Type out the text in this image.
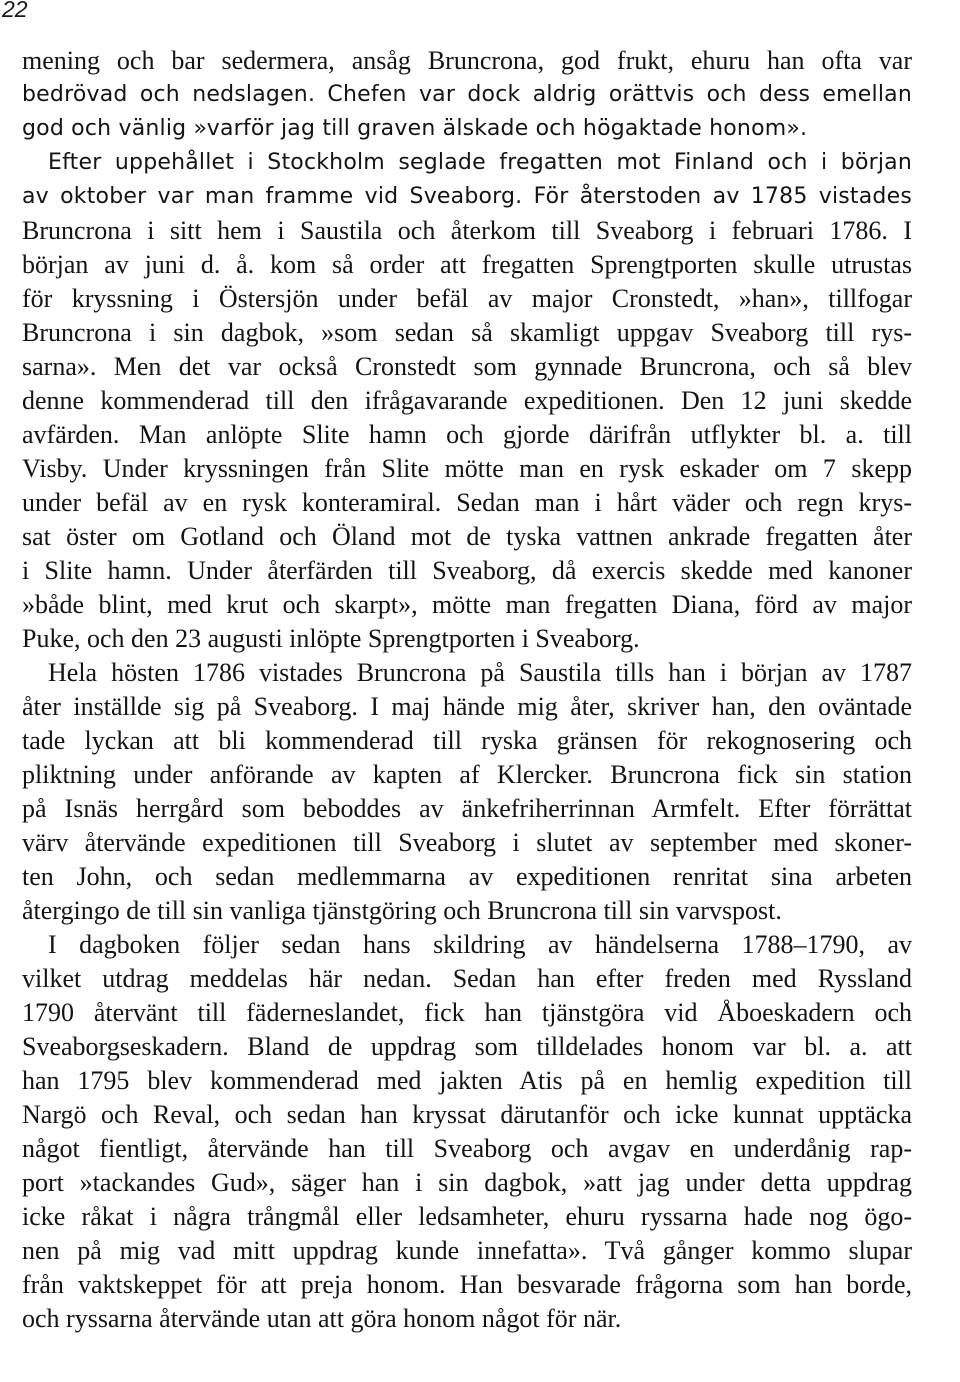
22
mening och bar sedermera, ansåg Bruncrona, god frukt, ehuru han ofta var
bedrövad och nedslagen. Chefen var dock aldrig orättvis och dess emellan
god och vänlig »varför jag till graven älskade och högaktade honom».
Efter uppehållet i Stockholm seglade fregatten mot Finland och i början
av oktober var man framme vid Sveaborg. För återstoden av 1785 vistades
Bruncrona i sitt hem i Saustila och återkom till Sveaborg i februari 1786. I
början av juni d. å. kom så order att fregatten Sprengtporten skulle utrustas
för kryssning i Östersjön under befäl av major Cronstedt, »han», tillfogar
Bruncrona i sin dagbok, »som sedan så skamligt uppgav Sveaborg till rys-
sarna». Men det var också Cronstedt som gynnade Bruncrona, och så blev
denne kommenderad till den ifrågavarande expeditionen. Den 12 juni skedde
avfärden. Man anlöpte Slite hamn och gjorde därifrån utflykter bl. a. till
Visby. Under kryssningen från Slite mötte man en rysk eskader om 7 skepp
under befäl av en rysk konteramiral. Sedan man i hårt väder och regn krys-
sat öster om Gotland och Öland mot de tyska vattnen ankrade fregatten åter
i Slite hamn. Under återfärden till Sveaborg, då exercis skedde med kanoner
»både blint, med krut och skarpt», mötte man fregatten Diana, förd av major
Puke, och den 23 augusti inlöpte Sprengtporten i Sveaborg.
Hela hösten 1786 vistades Bruncrona på Saustila tills han i början av 1787
åter inställde sig på Sveaborg. I maj hände mig åter, skriver han, den oväntade
tade lyckan att bli kommenderad till ryska gränsen för rekognosering och
pliktning under anförande av kapten af Klercker. Bruncrona fick sin station
på Isnäs herrgård som beboddes av änkefriherrinnan Armfelt. Efter förrättat
värv återvände expeditionen till Sveaborg i slutet av september med skoner-
ten John, och sedan medlemmarna av expeditionen renritat sina arbeten
återgingo de till sin vanliga tjänstgöring och Bruncrona till sin varvspost.
I dagboken följer sedan hans skildring av händelserna 1788–1790, av
vilket utdrag meddelas här nedan. Sedan han efter freden med Ryssland
1790 återvänt till fäderneslandet, fick han tjänstgöra vid Åboeskadern och
Sveaborgseskadern. Bland de uppdrag som tilldelades honom var bl. a. att
han 1795 blev kommenderad med jakten Atis på en hemlig expedition till
Nargö och Reval, och sedan han kryssat därutanför och icke kunnat upptäcka
något fientligt, återvände han till Sveaborg och avgav en underdånig rap-
port »tackandes Gud», säger han i sin dagbok, »att jag under detta uppdrag
icke råkat i några trångmål eller ledsamheter, ehuru ryssarna hade nog ögo-
nen på mig vad mitt uppdrag kunde innefatta». Två gånger kommo slupar
från vaktskeppet för att preja honom. Han besvarade frågorna som han borde,
och ryssarna återvände utan att göra honom något för när.
